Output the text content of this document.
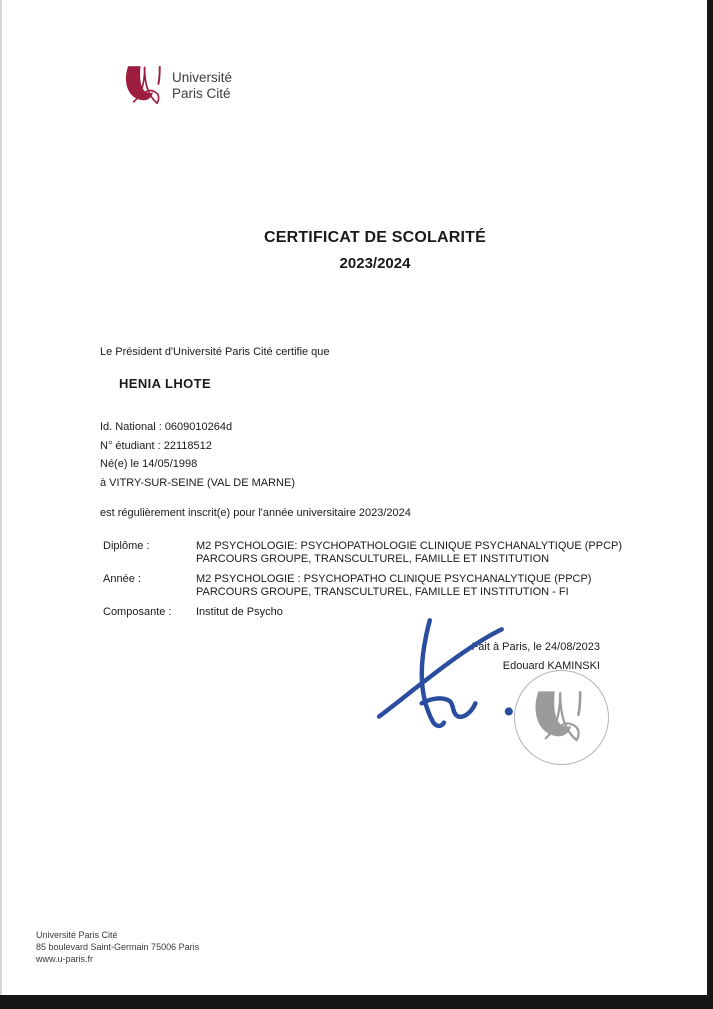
Université
Paris Cité
CERTIFICAT DE SCOLARITÉ
2023/2024
Le Président d'Université Paris Cité certifie que
HENIA LHOTE
Id. National : 0609010264d
N° étudiant : 22118512
Né(e) le 14/05/1998
à VITRY-SUR-SEINE (VAL DE MARNE)
est régulièrement inscrit(e) pour l'année universitaire 2023/2024
Diplôme :	M2 PSYCHOLOGIE: PSYCHOPATHOLOGIE CLINIQUE PSYCHANALYTIQUE (PPCP) PARCOURS GROUPE, TRANSCULTUREL, FAMILLE ET INSTITUTION
Année :	M2 PSYCHOLOGIE : PSYCHOPATHO CLINIQUE PSYCHANALYTIQUE (PPCP) PARCOURS GROUPE, TRANSCULTUREL, FAMILLE ET INSTITUTION - FI
Composante :	Institut de Psycho
Fait à Paris, le 24/08/2023
Edouard KAMINSKI
Université Paris Cité
85 boulevard Saint-Germain 75006 Paris
www.u-paris.fr
